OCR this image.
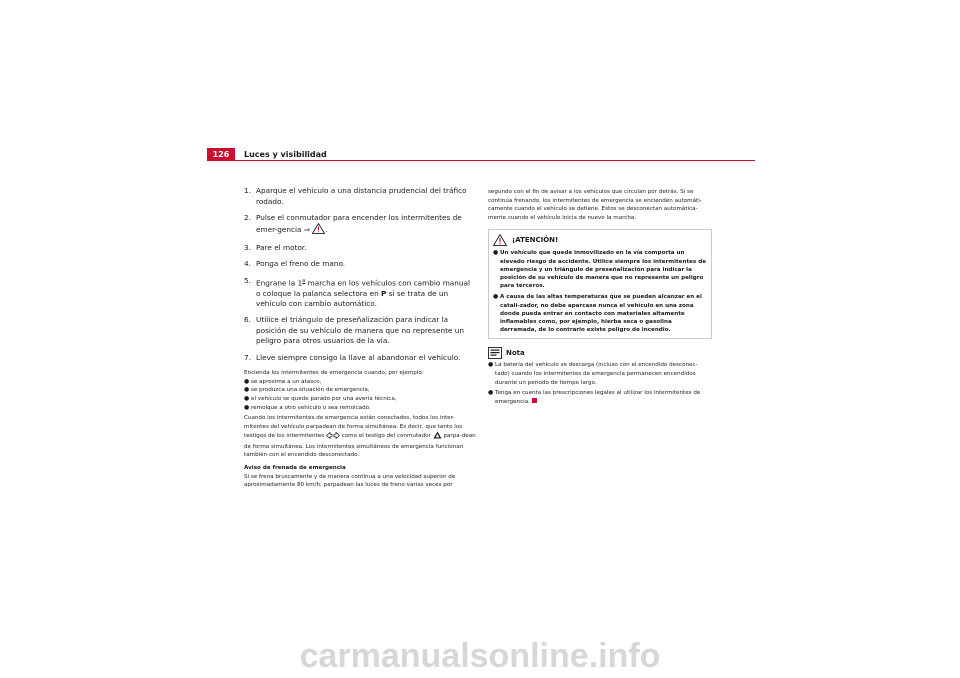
126	Luces y visibilidad
1. Aparque el vehículo a una distancia prudencial del tráfico rodado.
2. Pulse el conmutador para encender los intermitentes de emer-gencia ⇒ .
3. Pare el motor.
4. Ponga el freno de mano.
5. Engrane la 1$^a$ marcha en los vehículos con cambio manual o coloque la palanca selectora en P si se trata de un vehículo con cambio automático.
6. Utilice el triángulo de preseñalización para indicar la posición de su vehículo de manera que no represente un peligro para otros usuarios de la vía.
7. Lleve siempre consigo la llave al abandonar el vehículo.
Encienda los intermitentes de emergencia cuando, por ejemplo:
● se aproxime a un atasco,
● se produzca una situación de emergencia,
● el vehículo se quede parado por una avería técnica,
● remolque a otro vehículo o sea remolcado.
Cuando los intermitentes de emergencia están conectados, todos los inter-mitentes del vehículo parpadean de forma simultánea. Es decir, que tanto los testigos de los intermitentes	como el testigo del conmutador parpa-dean de forma simultánea. Los intermitentes simultáneos de emergencia funcionan también con el encendido desconectado.
Aviso de frenada de emergencia
Si se frena bruscamente y de manera continua a una velocidad superior de aproximadamente 80 km/h, parpadean las luces de freno varias veces por
segundo con el fin de avisar a los vehículos que circulan por detrás. Si se continúa frenando, los intermitentes de emergencia se encienden automáti-camente cuando el vehículo se detiene. Estos se desconectan automática-mente cuando el vehículo inicia de nuevo la marcha.
¡ATENCIÓN!
● Un vehículo que quede inmovilizado en la vía comporta un elevado riesgo de accidente. Utilice siempre los intermitentes de emergencia y un triángulo de preseñalización para indicar la posición de su vehículo de manera que no represente un peligro para terceros.
● A causa de las altas temperaturas que se pueden alcanzar en el catali-zador, no debe aparcase nunca el vehículo en una zona donde pueda entrar en contacto con materiales altamente inflamables como, por ejemplo, hierba seca o gasolina derramada, de lo contrario existe peligro de incendio.
Nota
● La batería del vehículo se descarga (incluso con el encendido desconec-tado) cuando los intermitentes de emergencia permanecen encendidos durante un periodo de tiempo largo.
● Tenga en cuenta las prescripciones legales al utilizar los intermitentes de emergencia.
carmanualsonline.info
